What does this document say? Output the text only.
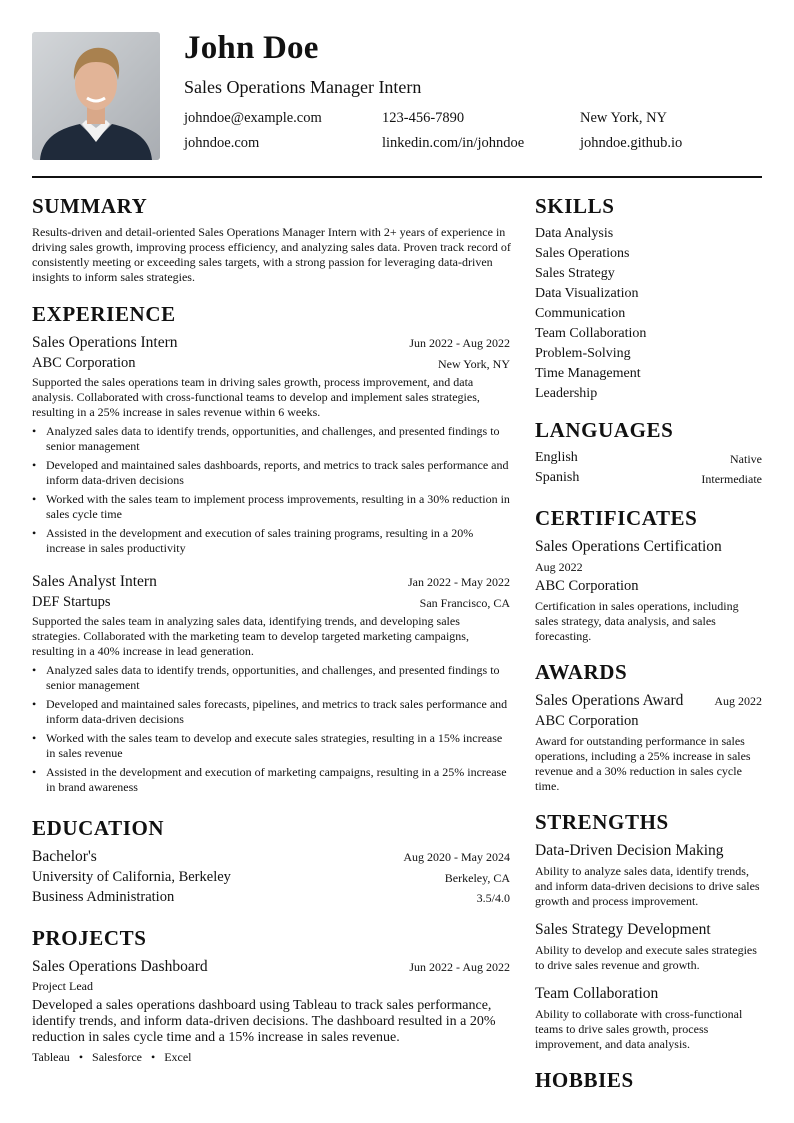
John Doe
Sales Operations Manager Intern
johndoe@example.com	123-456-7890	New York, NY
johndoe.com	linkedin.com/in/johndoe	johndoe.github.io
SUMMARY
Results-driven and detail-oriented Sales Operations Manager Intern with 2+ years of experience in driving sales growth, improving process efficiency, and analyzing sales data. Proven track record of consistently meeting or exceeding sales targets, with a strong passion for leveraging data-driven insights to inform sales strategies.
EXPERIENCE
Sales Operations Intern	Jun 2022 - Aug 2022
ABC Corporation	New York, NY
Supported the sales operations team in driving sales growth, process improvement, and data analysis. Collaborated with cross-functional teams to develop and implement sales strategies, resulting in a 25% increase in sales revenue within 6 weeks.
• Analyzed sales data to identify trends, opportunities, and challenges, and presented findings to senior management
• Developed and maintained sales dashboards, reports, and metrics to track sales performance and inform data-driven decisions
• Worked with the sales team to implement process improvements, resulting in a 30% reduction in sales cycle time
• Assisted in the development and execution of sales training programs, resulting in a 20% increase in sales productivity
Sales Analyst Intern	Jan 2022 - May 2022
DEF Startups	San Francisco, CA
Supported the sales team in analyzing sales data, identifying trends, and developing sales strategies. Collaborated with the marketing team to develop targeted marketing campaigns, resulting in a 40% increase in lead generation.
• Analyzed sales data to identify trends, opportunities, and challenges, and presented findings to senior management
• Developed and maintained sales forecasts, pipelines, and metrics to track sales performance and inform data-driven decisions
• Worked with the sales team to develop and execute sales strategies, resulting in a 15% increase in sales revenue
• Assisted in the development and execution of marketing campaigns, resulting in a 25% increase in brand awareness
EDUCATION
Bachelor's	Aug 2020 - May 2024
University of California, Berkeley	Berkeley, CA
Business Administration	3.5/4.0
PROJECTS
Sales Operations Dashboard	Jun 2022 - Aug 2022
Project Lead
Developed a sales operations dashboard using Tableau to track sales performance, identify trends, and inform data-driven decisions. The dashboard resulted in a 20% reduction in sales cycle time and a 15% increase in sales revenue.
Tableau • Salesforce • Excel
SKILLS
Data Analysis
Sales Operations
Sales Strategy
Data Visualization
Communication
Team Collaboration
Problem-Solving
Time Management
Leadership
LANGUAGES
English	Native
Spanish	Intermediate
CERTIFICATES
Sales Operations Certification
Aug 2022
ABC Corporation
Certification in sales operations, including sales strategy, data analysis, and sales forecasting.
AWARDS
Sales Operations Award	Aug 2022
ABC Corporation
Award for outstanding performance in sales operations, including a 25% increase in sales revenue and a 30% reduction in sales cycle time.
STRENGTHS
Data-Driven Decision Making
Ability to analyze sales data, identify trends, and inform data-driven decisions to drive sales growth and process improvement.
Sales Strategy Development
Ability to develop and execute sales strategies to drive sales revenue and growth.
Team Collaboration
Ability to collaborate with cross-functional teams to drive sales growth, process improvement, and data analysis.
HOBBIES
